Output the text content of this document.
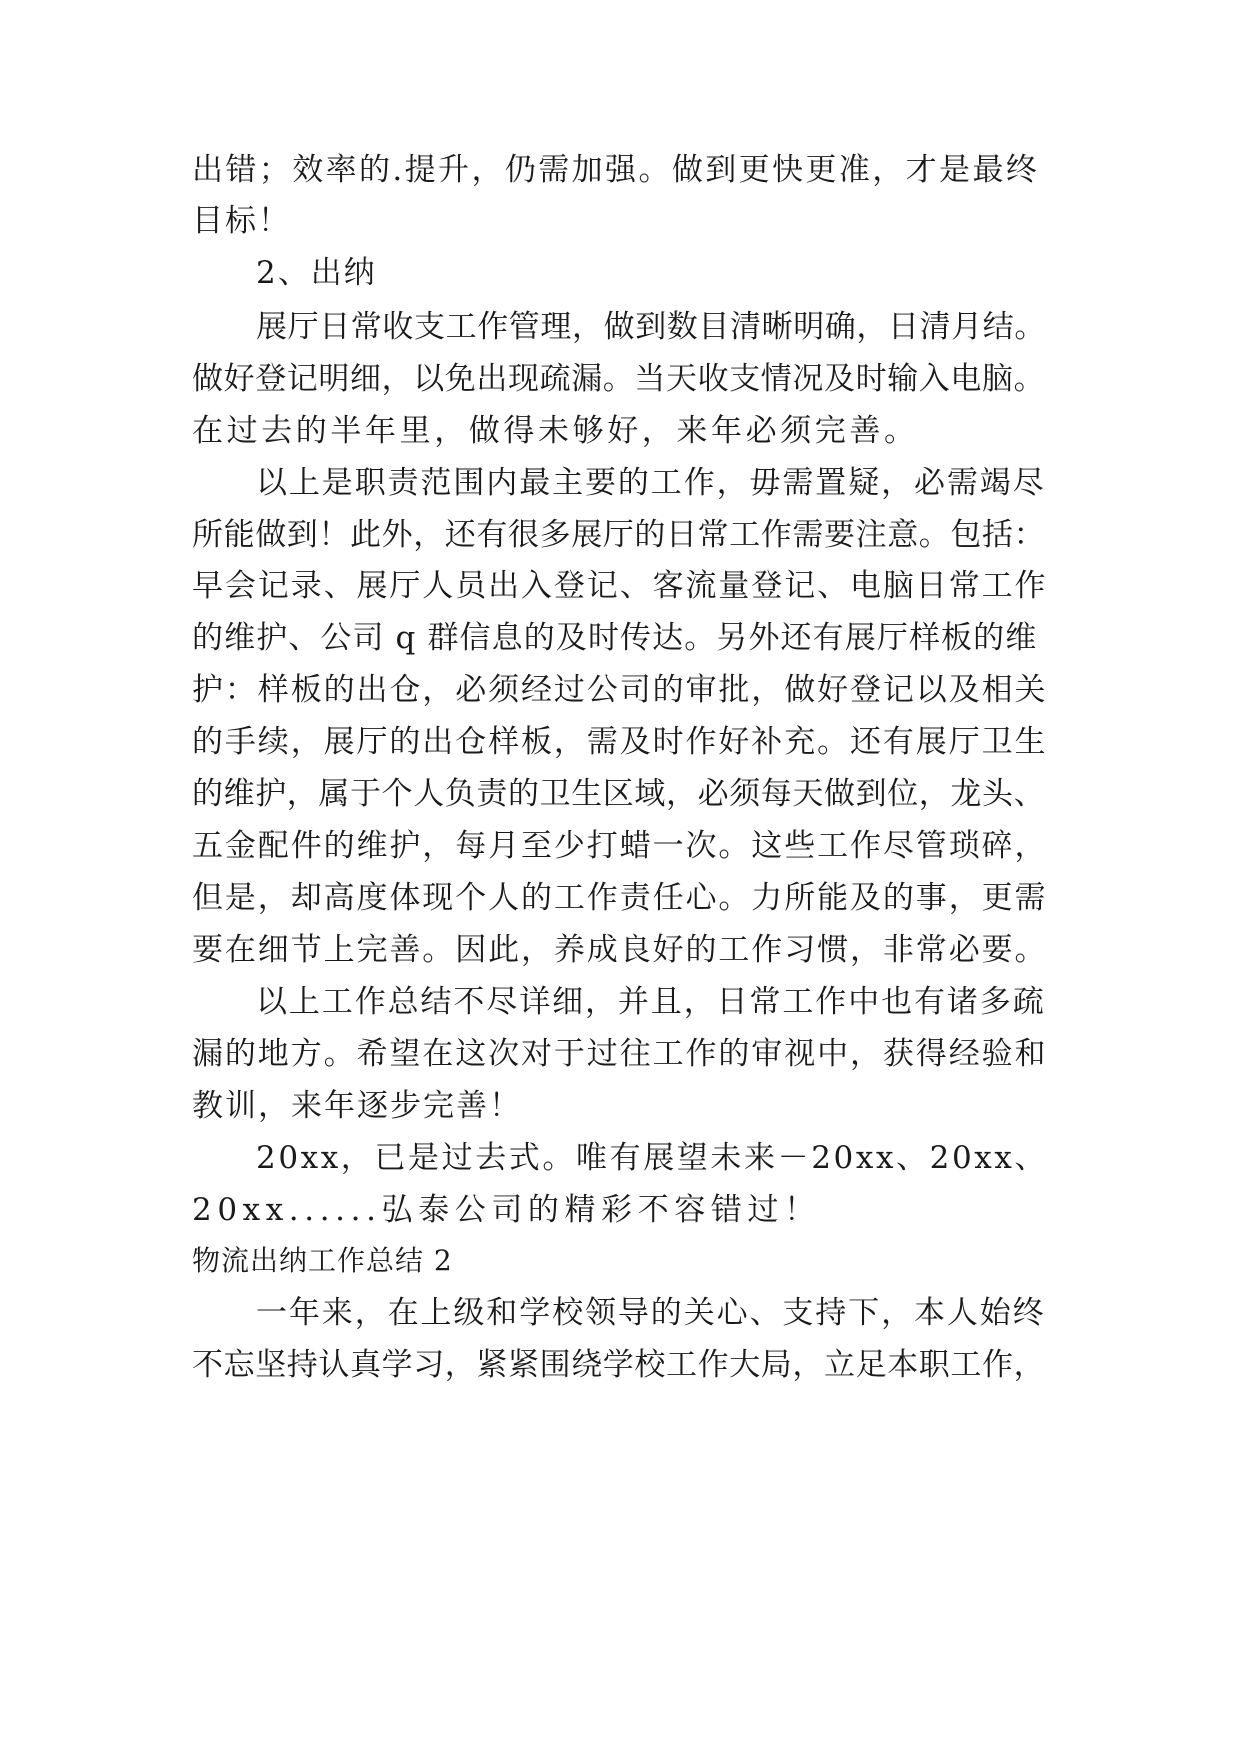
出错；效率的.提升，仍需加强。做到更快更准，才是最终
目标！
2、出纳
展厅日常收支工作管理，做到数目清晰明确，日清月结。
做好登记明细，以免出现疏漏。当天收支情况及时输入电脑。
在过去的半年里，做得未够好，来年必须完善。
以上是职责范围内最主要的工作，毋需置疑，必需竭尽
所能做到！此外，还有很多展厅的日常工作需要注意。包括：
早会记录、展厅人员出入登记、客流量登记、电脑日常工作
的维护、公司 q 群信息的及时传达。另外还有展厅样板的维
护：样板的出仓，必须经过公司的审批，做好登记以及相关
的手续，展厅的出仓样板，需及时作好补充。还有展厅卫生
的维护，属于个人负责的卫生区域，必须每天做到位，龙头、
五金配件的维护，每月至少打蜡一次。这些工作尽管琐碎，
但是，却高度体现个人的工作责任心。力所能及的事，更需
要在细节上完善。因此，养成良好的工作习惯，非常必要。
以上工作总结不尽详细，并且，日常工作中也有诸多疏
漏的地方。希望在这次对于过往工作的审视中，获得经验和
教训，来年逐步完善！
20xx，已是过去式。唯有展望未来－20xx、20xx、
20xx......弘泰公司的精彩不容错过！
物流出纳工作总结 2
一年来，在上级和学校领导的关心、支持下，本人始终
不忘坚持认真学习，紧紧围绕学校工作大局，立足本职工作，
